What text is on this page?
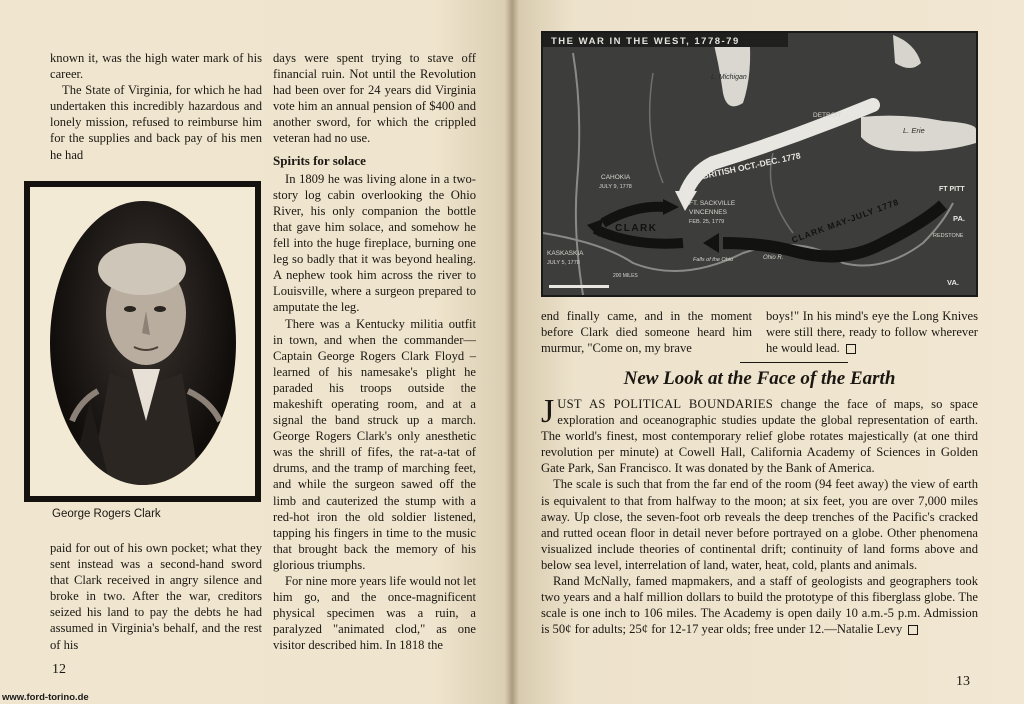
known it, was the high water mark of his career.

The State of Virginia, for which he had undertaken this incredibly hazardous and lonely mission, refused to reimburse him for the supplies and back pay of his men he had

George Rogers Clark

paid for out of his own pocket; what they sent instead was a second-hand sword that Clark received in angry silence and broke in two. After the war, creditors seized his land to pay the debts he had assumed in Virginia's behalf, and the rest of his

days were spent trying to stave off financial ruin. Not until the Revolution had been over for 24 years did Virginia vote him an annual pension of $400 and another sword, for which the crippled veteran had no use.

Spirits for solace

In 1809 he was living alone in a two-story log cabin overlooking the Ohio River, his only companion the bottle that gave him solace, and somehow he fell into the huge fireplace, burning one leg so badly that it was beyond healing. A nephew took him across the river to Louisville, where a surgeon prepared to amputate the leg.

There was a Kentucky militia outfit in town, and when the commander—Captain George Rogers Clark Floyd – learned of his namesake's plight he paraded his troops outside the makeshift operating room, and at a signal the band struck up a march. George Rogers Clark's only anesthetic was the shrill of fifes, the rat-a-tat of drums, and the tramp of marching feet, and while the surgeon sawed off the limb and cauterized the stump with a red-hot iron the old soldier listened, tapping his fingers in time to the music that brought back the memory of his glorious triumphs.

For nine more years life would not let him go, and the once-magnificent physical specimen was a ruin, a paralyzed "animated clod," as one visitor described him. In 1818 the

12
www.ford-torino.de
THE WAR IN THE WEST, 1778-79
L. Michigan
DETROIT
L. Erie
BRITISH OCT.-DEC. 1778
CAHOKIA
JULY 9, 1778
FT. SACKVILLE
VINCENNES
FEB. 25, 1779
CLARK
KASKASKIA
JULY 5, 1778	Falls of the Ohio	Ohio R.
CLARK MAY-JULY 1778
FT PITT
PA.
REDSTONE
VA.
200 MILES

end finally came, and in the moment before Clark died someone heard him murmur, "Come on, my brave

boys!" In his mind's eye the Long Knives were still there, ready to follow wherever he would lead.

New Look at the Face of the Earth

JUST AS POLITICAL BOUNDARIES change the face of maps, so space exploration and oceanographic studies update the global representation of earth. The world's finest, most contemporary relief globe rotates majestically (at one third revolution per minute) at Cowell Hall, California Academy of Sciences in Golden Gate Park, San Francisco. It was donated by the Bank of America.

The scale is such that from the far end of the room (94 feet away) the view of earth is equivalent to that from halfway to the moon; at six feet, you are over 7,000 miles away. Up close, the seven-foot orb reveals the deep trenches of the Pacific's cracked and rutted ocean floor in detail never before portrayed on a globe. Other phenomena visualized include theories of continental drift; continuity of land forms above and below sea level, interrelation of land, water, heat, cold, plants and animals.

Rand McNally, famed mapmakers, and a staff of geologists and geographers took two years and a half million dollars to build the prototype of this fiberglass globe. The scale is one inch to 106 miles. The Academy is open daily 10 a.m.-5 p.m. Admission is 50¢ for adults; 25¢ for 12-17 year olds; free under 12.—Natalie Levy

13
